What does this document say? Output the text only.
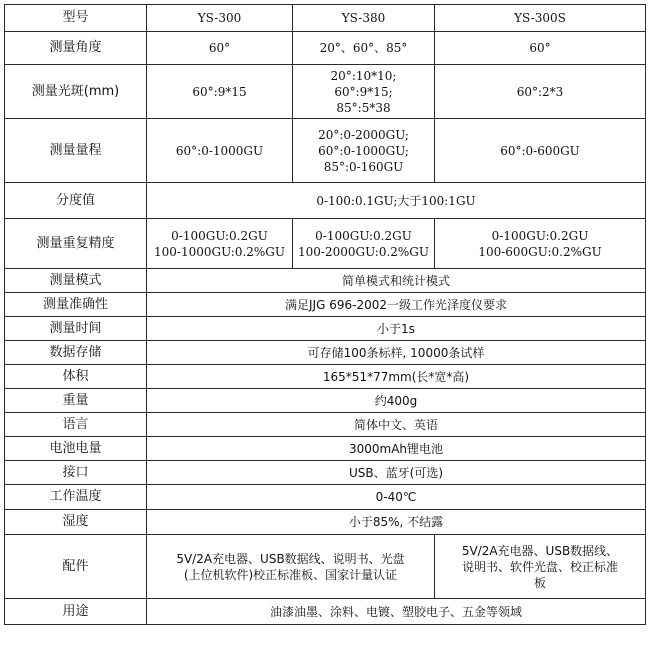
型号	YS-300	YS-380	YS-300S
测量角度	60°	20°、60°、85°	60°
测量光斑(mm)	60°:9*15	20°:10*10;
60°:9*15;
85°:5*38	60°:2*3
测量量程	60°:0-1000GU	20°:0-2000GU;
60°:0-1000GU;
85°:0-160GU	60°:0-600GU
分度值	0-100:0.1GU;大于100:1GU		
测量重复精度	0-100GU:0.2GU
100-1000GU:0.2%GU	0-100GU:0.2GU
100-2000GU:0.2%GU	0-100GU:0.2GU
100-600GU:0.2%GU

测量模式	简单模式和统计模式		
测量准确性	满足JJG 696-2002一级工作光泽度仪要求		
测量时间	小于1s		
数据存储	可存储100条标样, 10000条试样		
体积	165*51*77mm(长*宽*高)		
重量	约400g		
语言	简体中文、英语		
电池电量	3000mAh锂电池		
接口	USB、蓝牙(可选)		
工作温度	0-40℃		
湿度	小于85%, 不结露		
配件	5V/2A充电器、USB数据线、说明书、光盘
(上位机软件)校正标准板、国家计量认证		5V/2A充电器、USB数据线、
说明书、软件光盘、校正标准
板

用途	油漆油墨、涂料、电镀、塑胶电子、五金等领域		
